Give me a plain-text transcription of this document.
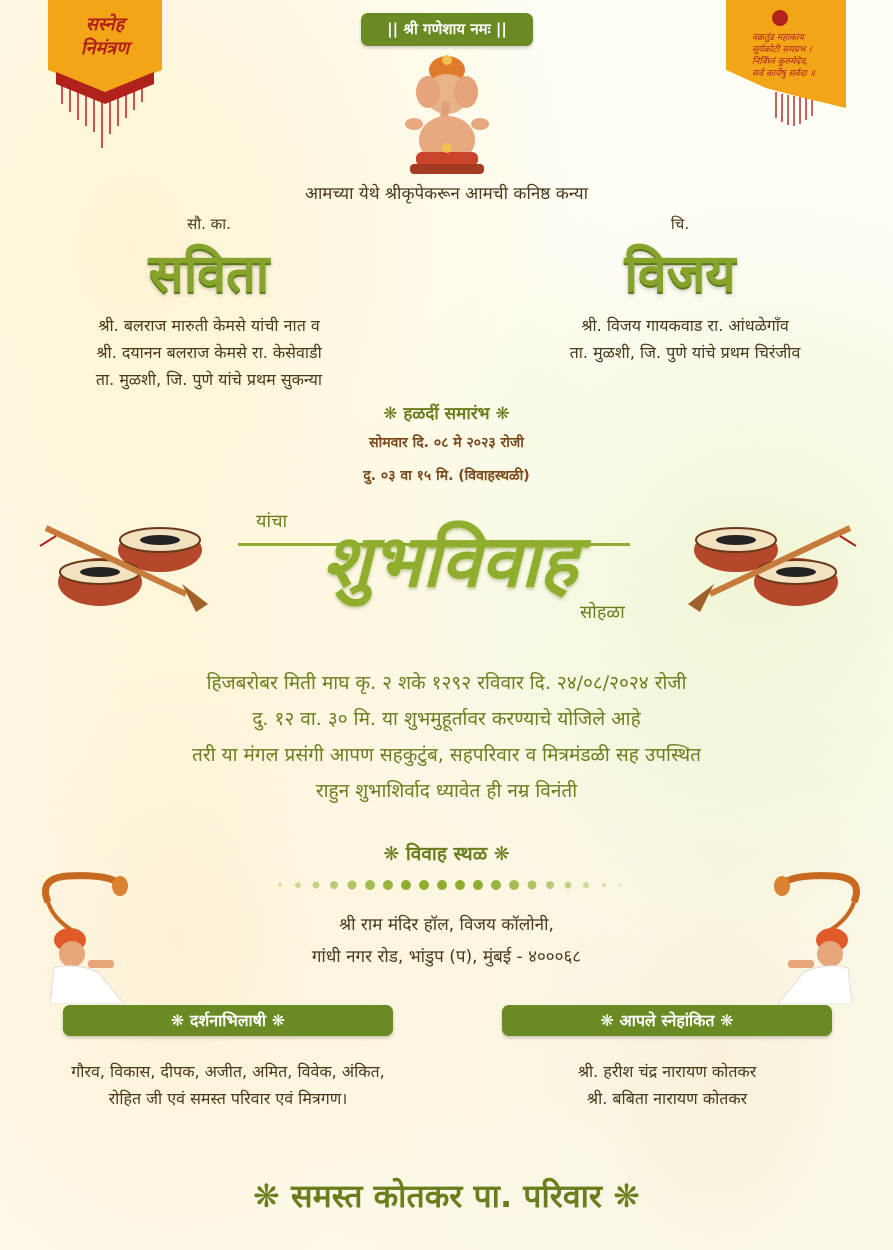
सस्नेह
निमंत्रण	वक्रतुंड महाकाय
सूर्यकोटी समप्रभ ।
निर्विघ्नं कुरुमेदेव,
सर्व कार्येषु सर्वदा ॥
|| श्री गणेशाय नमः ||
आमच्या येथे श्रीकृपेकरून आमची कनिष्ठ कन्या
सौ. का.
सविता
श्री. बलराज मारुती केमसे यांची नात व
श्री. दयानन बलराज केमसे रा. केसेवाडी
ता. मुळशी, जि. पुणे यांचे प्रथम सुकन्या
चि.
विजय
श्री. विजय गायकवाड रा. आंधळेगाँव
ता. मुळशी, जि. पुणे यांचे प्रथम चिरंजीव
❋ हळदीं समारंभ ❋
सोमवार दि. ०८ मे २०२३ रोजी
दु. ०३ वा १५ मि. (विवाहस्थळी)
यांचा शुभविवाह
सोहळा
हिजबरोबर मिती माघ कृ. २ शके १२९२ रविवार दि. २४/०८/२०२४ रोजी
दु. १२ वा. ३० मि. या शुभमुहूर्तावर करण्याचे योजिले आहे
तरी या मंगल प्रसंगी आपण सहकुटुंब, सहपरिवार व मित्रमंडळी सह उपस्थित
राहुन शुभाशिर्वाद ध्यावेत ही नम्र विनंती
❋ विवाह स्थळ ❋
श्री राम मंदिर हॉल, विजय कॉलोनी,
गांधी नगर रोड, भांडुप (प), मुंबई - ४०००६८
❋ दर्शनाभिलाषी ❋
गौरव, विकास, दीपक, अजीत, अमित, विवेक, अंकित,
रोहित जी एवं समस्त परिवार एवं मित्रगण।
❋ आपले स्नेहांकित ❋
श्री. हरीश चंद्र नारायण कोतकर
श्री. बबिता नारायण कोतकर
❋ समस्त कोतकर पा. परिवार ❋
